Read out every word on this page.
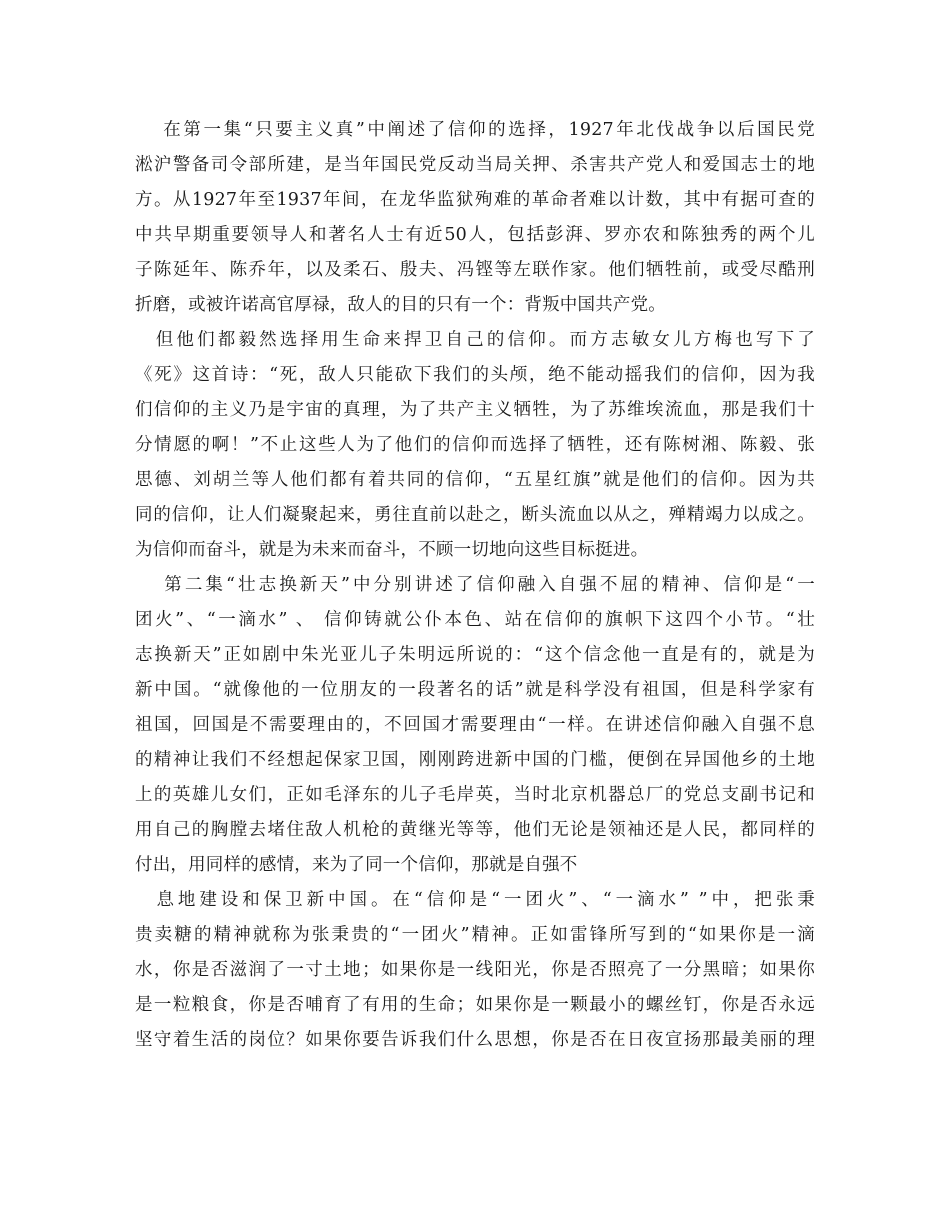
　 在第一集“只要主义真”中阐述了信仰的选择，1927年北伐战争以后国民党
淞沪警备司令部所建，是当年国民党反动当局关押、杀害共产党人和爱国志士的地
方。从1927年至1937年间，在龙华监狱殉难的革命者难以计数，其中有据可查的
中共早期重要领导人和著名人士有近50人，包括彭湃、罗亦农和陈独秀的两个儿
子陈延年、陈乔年，以及柔石、殷夫、冯铿等左联作家。他们牺牲前，或受尽酷刑
折磨，或被许诺高官厚禄，敌人的目的只有一个：背叛中国共产党。
　但他们都毅然选择用生命来捍卫自己的信仰。而方志敏女儿方梅也写下了
《死》这首诗：“死，敌人只能砍下我们的头颅，绝不能动摇我们的信仰，因为我
们信仰的主义乃是宇宙的真理，为了共产主义牺牲，为了苏维埃流血，那是我们十
分情愿的啊！”不止这些人为了他们的信仰而选择了牺牲，还有陈树湘、陈毅、张
思德、刘胡兰等人他们都有着共同的信仰，“五星红旗”就是他们的信仰。因为共
同的信仰，让人们凝聚起来，勇往直前以赴之，断头流血以从之，殚精竭力以成之。
为信仰而奋斗，就是为未来而奋斗，不顾一切地向这些目标挺进。
　 第二集“壮志换新天”中分别讲述了信仰融入自强不屈的精神、信仰是“一
团火”、“一滴水” 、 信仰铸就公仆本色、站在信仰的旗帜下这四个小节。“壮
志换新天”正如剧中朱光亚儿子朱明远所说的：“这个信念他一直是有的，就是为
新中国。“就像他的一位朋友的一段著名的话”就是科学没有祖国，但是科学家有
祖国，回国是不需要理由的，不回国才需要理由“一样。在讲述信仰融入自强不息
的精神让我们不经想起保家卫国，刚刚跨进新中国的门槛，便倒在异国他乡的土地
上的英雄儿女们，正如毛泽东的儿子毛岸英，当时北京机器总厂的党总支副书记和
用自己的胸膛去堵住敌人机枪的黄继光等等，他们无论是领袖还是人民，都同样的
付出，用同样的感情，来为了同一个信仰，那就是自强不
　息地建设和保卫新中国。在“信仰是“一团火”、“一滴水” ”中，把张秉
贵卖糖的精神就称为张秉贵的“一团火”精神。正如雷锋所写到的“如果你是一滴
水，你是否滋润了一寸土地；如果你是一线阳光，你是否照亮了一分黑暗；如果你
是一粒粮食，你是否哺育了有用的生命；如果你是一颗最小的螺丝钉，你是否永远
坚守着生活的岗位？如果你要告诉我们什么思想，你是否在日夜宣扬那最美丽的理
